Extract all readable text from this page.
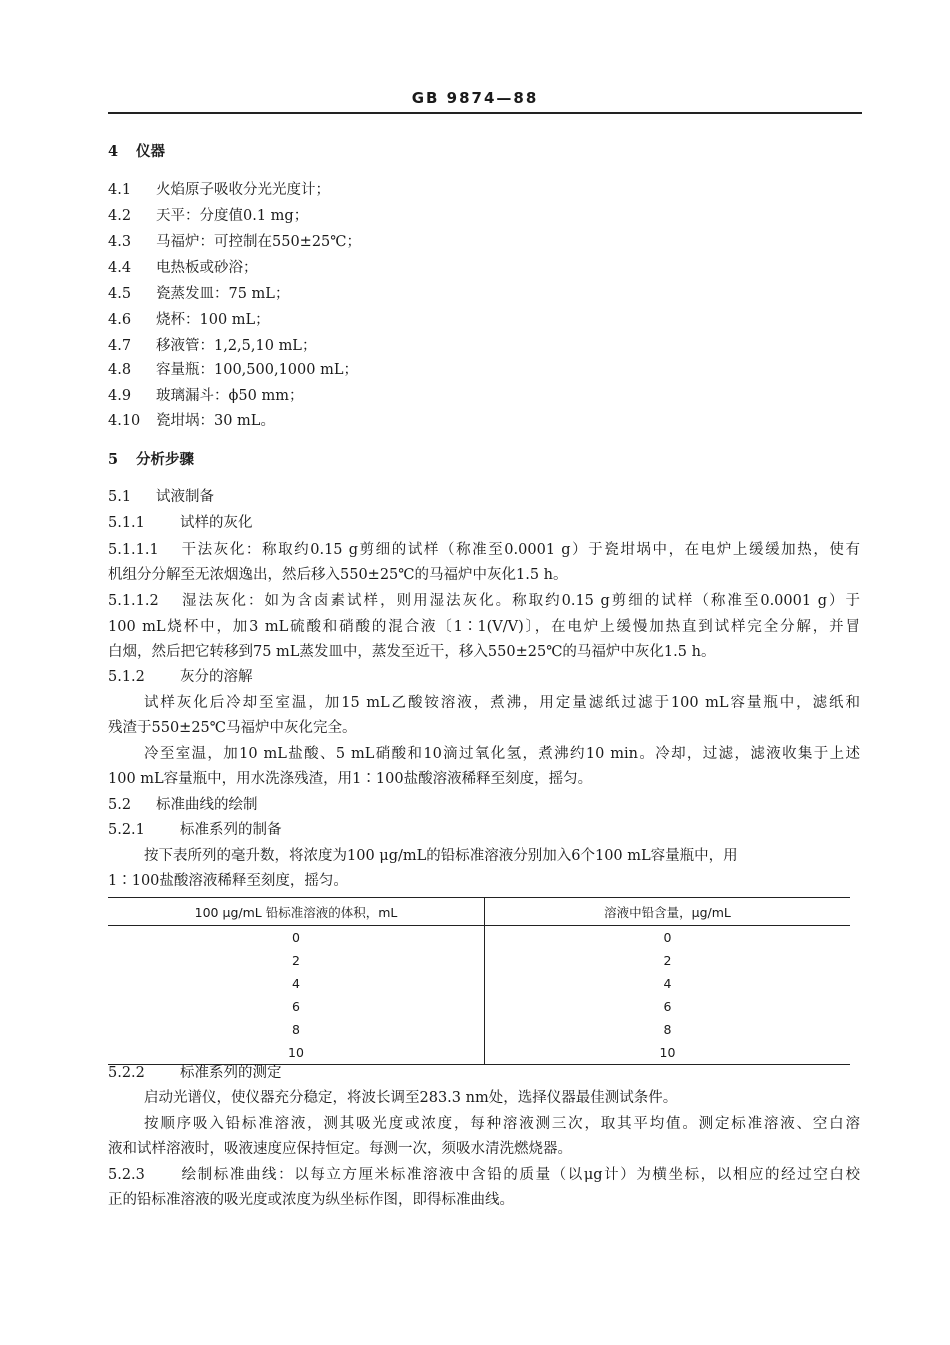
GB 9874—88
4 仪器
4.1 火焰原子吸收分光光度计；
4.2 天平：分度值0.1 mg；
4.3 马福炉：可控制在550±25℃；
4.4 电热板或砂浴；
4.5 瓷蒸发皿：75 mL；
4.6 烧杯：100 mL；
4.7 移液管：1,2,5,10 mL；
4.8 容量瓶：100,500,1000 mL；
4.9 玻璃漏斗：ϕ50 mm；
4.10 瓷坩埚：30 mL。
5 分析步骤
5.1 试液制备
5.1.1 试样的灰化
5.1.1.1 干法灰化：称取约0.15 g剪细的试样（称准至0.0001 g）于瓷坩埚中，在电炉上缓缓加热，使有
机组分分解至无浓烟逸出，然后移入550±25℃的马福炉中灰化1.5 h。
5.1.1.2 湿法灰化：如为含卤素试样，则用湿法灰化。称取约0.15 g剪细的试样（称准至0.0001 g）于
100 mL烧杯中，加3 mL硫酸和硝酸的混合液〔1∶1(V/V)〕，在电炉上缓慢加热直到试样完全分解，并冒
白烟，然后把它转移到75 mL蒸发皿中，蒸发至近干，移入550±25℃的马福炉中灰化1.5 h。
5.1.2 灰分的溶解
试样灰化后冷却至室温，加15 mL乙酸铵溶液，煮沸，用定量滤纸过滤于100 mL容量瓶中，滤纸和
残渣于550±25℃马福炉中灰化完全。
冷至室温，加10 mL盐酸、5 mL硝酸和10滴过氧化氢，煮沸约10 min。冷却，过滤，滤液收集于上述
100 mL容量瓶中，用水洗涤残渣，用1∶100盐酸溶液稀释至刻度，摇匀。
5.2 标准曲线的绘制
5.2.1 标准系列的制备
按下表所列的毫升数，将浓度为100 μg/mL的铅标准溶液分别加入6个100 mL容量瓶中，用
1∶100盐酸溶液稀释至刻度，摇匀。
100 μg/mL 铅标准溶液的体积，mL	溶液中铅含量，μg/mL
0	0
2	2
4	4
6	6
8	8
10	10
5.2.2 标准系列的测定
启动光谱仪，使仪器充分稳定，将波长调至283.3 nm处，选择仪器最佳测试条件。
按顺序吸入铅标准溶液，测其吸光度或浓度，每种溶液测三次，取其平均值。测定标准溶液、空白溶
液和试样溶液时，吸液速度应保持恒定。每测一次，须吸水清洗燃烧器。
5.2.3 绘制标准曲线：以每立方厘米标准溶液中含铅的质量（以μg计）为横坐标，以相应的经过空白校
正的铅标准溶液的吸光度或浓度为纵坐标作图，即得标准曲线。
